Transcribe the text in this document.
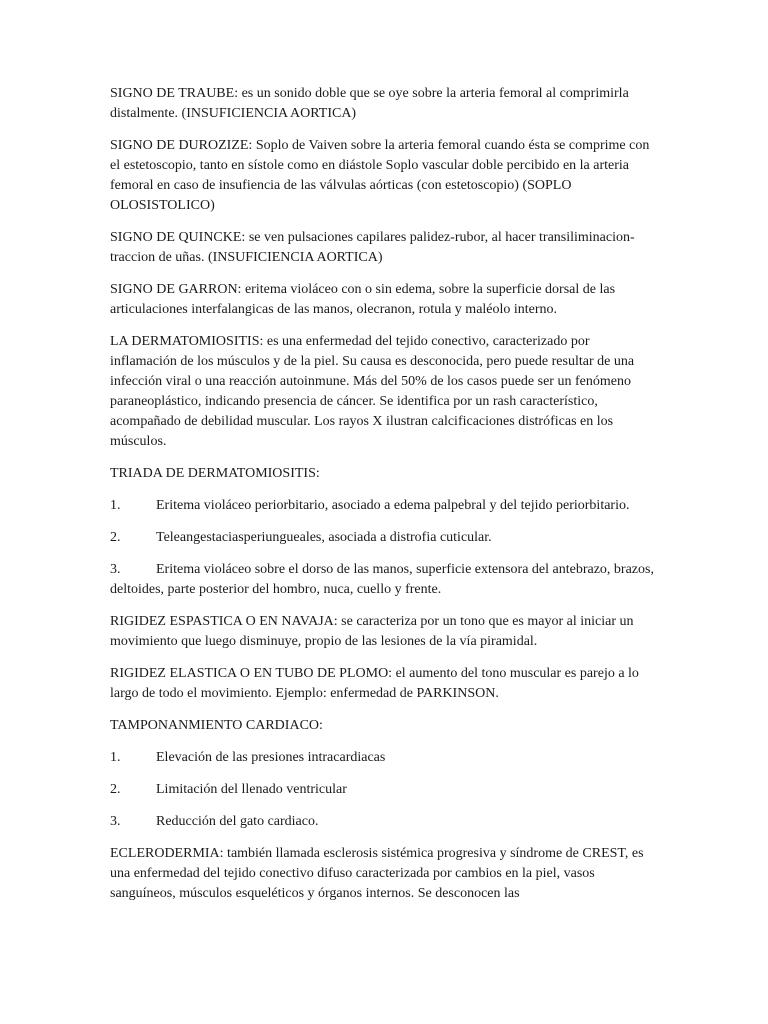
SIGNO DE TRAUBE: es un sonido doble que se oye sobre la arteria femoral al comprimirla distalmente. (INSUFICIENCIA AORTICA)

SIGNO DE DUROZIZE: Soplo de Vaiven sobre la arteria femoral cuando ésta se comprime con el estetoscopio, tanto en sístole como en diástole Soplo vascular doble percibido en la arteria femoral en caso de insufiencia de las válvulas aórticas (con estetoscopio) (SOPLO OLOSISTOLICO)

SIGNO DE QUINCKE: se ven pulsaciones capilares palidez-rubor, al hacer transiliminacion-traccion de uñas. (INSUFICIENCIA AORTICA)

SIGNO DE GARRON: eritema violáceo con o sin edema, sobre la superficie dorsal de las articulaciones interfalangicas de las manos, olecranon, rotula y maléolo interno.

LA DERMATOMIOSITIS: es una enfermedad del tejido conectivo, caracterizado por inflamación de los músculos y de la piel. Su causa es desconocida, pero puede resultar de una infección viral o una reacción autoinmune. Más del 50% de los casos puede ser un fenómeno paraneoplástico, indicando presencia de cáncer. Se identifica por un rash característico, acompañado de debilidad muscular. Los rayos X ilustran calcificaciones distróficas en los músculos.

TRIADA DE DERMATOMIOSITIS:

1.	Eritema violáceo periorbitario, asociado a edema palpebral y del tejido periorbitario.

2.	Teleangestaciasperiungueales, asociada a distrofia cuticular.

3.	Eritema violáceo sobre el dorso de las manos, superficie extensora del antebrazo, brazos, deltoides, parte posterior del hombro, nuca, cuello y frente.

RIGIDEZ ESPASTICA O EN NAVAJA: se caracteriza por un tono que es mayor al iniciar un movimiento que luego disminuye, propio de las lesiones de la vía piramidal.

RIGIDEZ ELASTICA O EN TUBO DE PLOMO: el aumento del tono muscular es parejo a lo largo de todo el movimiento. Ejemplo: enfermedad de PARKINSON.

TAMPONANMIENTO CARDIACO:

1.	Elevación de las presiones intracardiacas

2.	Limitación del llenado ventricular

3.	Reducción del gato cardiaco.

ECLERODERMIA: también llamada esclerosis sistémica progresiva y síndrome de CREST, es una enfermedad del tejido conectivo difuso caracterizada por cambios en la piel, vasos sanguíneos, músculos esqueléticos y órganos internos. Se desconocen las
